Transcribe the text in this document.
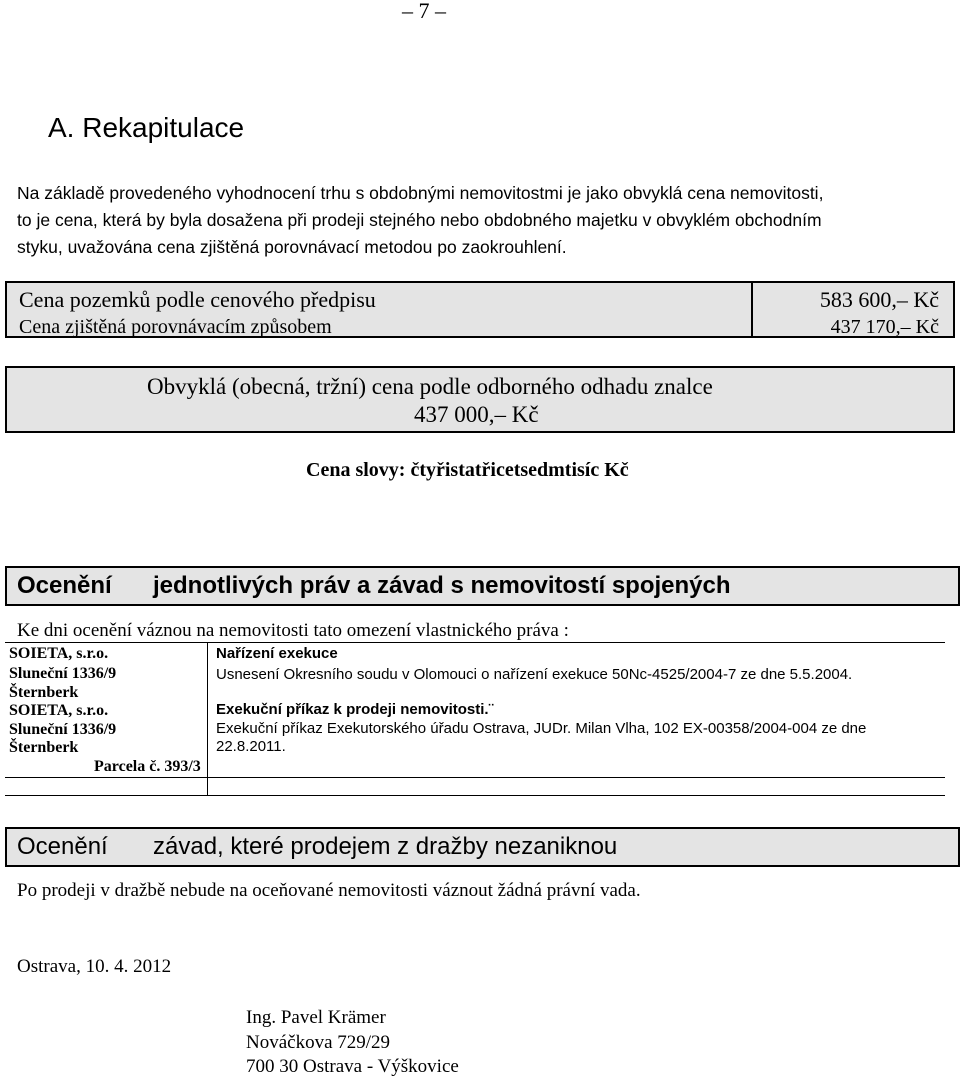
– 7 –
A. Rekapitulace

Na základě provedeného vyhodnocení trhu s obdobnými nemovitostmi je jako obvyklá cena nemovitosti,

to je cena, která by byla dosažena při prodeji stejného nebo obdobného majetku v obvyklém obchodním

styku, uvažována cena zjištěná porovnávací metodou po zaokrouhlení.

Cena pozemků podle cenového předpisu
Cena zjištěná porovnávacím způsobem
583 600,– Kč
437 170,– Kč
Obvyklá (obecná, tržní) cena podle odborného odhadu znalce
437 000,– Kč
Cena slovy: čtyřistatřicetsedmtisíc Kč
Ocenění jednotlivých práv a závad s nemovitostí spojených
Ke dni ocenění váznou na nemovitosti tato omezení vlastnického práva :
SOIETA, s.r.o.
Sluneční 1336/9
Šternberk
Nařízení exekuce
Usnesení Okresního soudu v Olomouci o nařízení exekuce 50Nc-4525/2004-7 ze dne 5.5.2004.
SOIETA, s.r.o.
Sluneční 1336/9
Šternberk
Parcela č. 393/3
Exekuční příkaz k prodeji nemovitosti.¨
Exekuční příkaz Exekutorského úřadu Ostrava, JUDr. Milan Vlha, 102 EX-00358/2004-004 ze dne
22.8.2011.
Ocenění závad, které prodejem z dražby nezaniknou
Po prodeji v dražbě nebude na oceňované nemovitosti váznout žádná právní vada.
Ostrava, 10. 4. 2012
Ing. Pavel Krämer
Nováčkova 729/29
700 30 Ostrava - Výškovice
